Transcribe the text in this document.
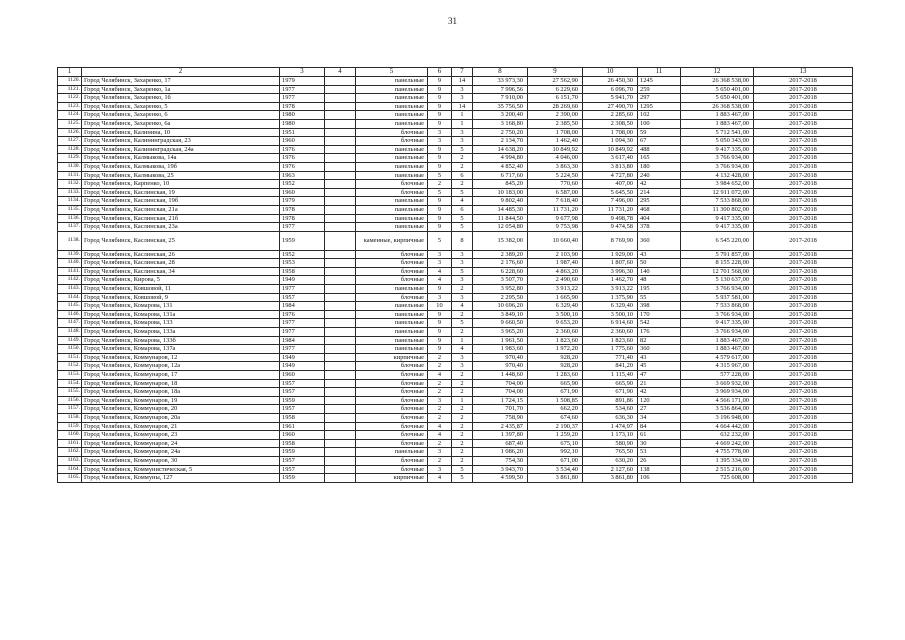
31
1	2	3	4	5	6	7	8	9	10	11	12	13
1120.	Город Челябинск, Захаренко, 17	1979		панельные	9	14	33 973,30	27 562,90	26 450,30	1245	26 368 538,00	2017-2018
1121.	Город Челябинск, Захаренко, 1а	1977		панельные	9	3	7 996,56	6 229,60	6 096,70	259	5 650 401,00	2017-2018
1122.	Город Челябинск, Захаренко, 1б	1977		панельные	9	3	7 910,00	6 151,70	5 941,70	297	5 650 401,00	2017-2018
1123.	Город Челябинск, Захаренко, 5	1978		панельные	9	14	35 756,50	28 269,60	27 490,70	1295	26 368 538,00	2017-2018
1124.	Город Челябинск, Захаренко, 6	1980		панельные	9	1	3 200,40	2 390,00	2 285,60	102	1 883 467,00	2017-2018
1125.	Город Челябинск, Захаренко, 6а	1980		панельные	9	1	3 168,80	2 385,50	2 308,50	100	1 883 467,00	2017-2018
1126.	Город Челябинск, Калинина, 10	1951		блочные	3	3	2 750,20	1 708,00	1 708,00	59	5 712 541,00	2017-2018
1127.	Город Челябинск, Калининградская, 23	1960		блочные	3	3	2 134,70	1 462,40	1 094,30	67	5 050 343,00	2017-2018
1128.	Город Челябинск, Калининградская, 24а	1976		панельные	9	5	14 638,20	10 849,92	10 849,92	488	9 417 335,00	2017-2018
1129.	Город Челябинск, Калмыкова, 14а	1976		панельные	9	2	4 994,80	4 046,00	3 617,40	165	3 766 934,00	2017-2018
1130.	Город Челябинск, Калмыкова, 19б	1976		панельные	9	2	4 852,40	3 863,30	3 813,80	180	3 766 934,00	2017-2018
1131.	Город Челябинск, Калмыкова, 25	1963		панельные	5	6	6 717,60	5 224,50	4 727,80	240	4 132 428,00	2017-2018
1132.	Город Челябинск, Карпенко, 10	1952		блочные	2	2	845,20	770,60	407,00	42	3 984 652,00	2017-2018
1133.	Город Челябинск, Каслинская, 19	1960		блочные	5	5	10 183,00	6 587,00	5 645,50	214	12 911 072,00	2017-2018
1134.	Город Челябинск, Каслинская, 19б	1979		панельные	9	4	9 802,40	7 618,40	7 496,00	295	7 533 868,00	2017-2018
1135.	Город Челябинск, Каслинская, 21а	1978		панельные	9	6	14 485,30	11 731,20	11 731,20	468	11 300 802,00	2017-2018
1136.	Город Челябинск, Каслинская, 21б	1978		панельные	9	5	11 844,50	9 677,98	9 498,78	404	9 417 335,00	2017-2018
1137.	Город Челябинск, Каслинская, 23а	1977		панельные	9	5	12 054,80	9 753,98	9 474,58	378	9 417 335,00	2017-2018
1138.	Город Челябинск, Каслинская, 25	1959		каменные, кирпичные	5	8	15 382,00	10 660,40	8 769,90	360	6 545 220,00	2017-2018
1139.	Город Челябинск, Каслинская, 26	1952		блочные	3	3	2 389,20	2 103,90	1 929,00	43	5 791 857,00	2017-2018
1140.	Город Челябинск, Каслинская, 28	1953		блочные	3	3	2 176,60	1 987,40	1 807,60	50	8 155 228,00	2017-2018
1141.	Город Челябинск, Каслинская, 34	1958		блочные	4	5	6 228,60	4 863,20	3 996,30	140	12 701 568,00	2017-2018
1142.	Город Челябинск, Кирова, 5	1949		блочные	4	3	3 507,70	2 490,60	1 462,70	48	5 130 637,00	2017-2018
1143.	Город Челябинск, Ковшовой, 11	1977		панельные	9	2	3 952,80	3 913,22	3 913,22	195	3 766 934,00	2017-2018
1144.	Город Челябинск, Ковшовой, 9	1957		блочные	3	3	2 295,50	1 665,90	1 375,90	55	5 937 581,00	2017-2018
1145.	Город Челябинск, Комарова, 131	1984		панельные	10	4	10 696,20	6 329,40	6 329,40	398	7 533 868,00	2017-2018
1146.	Город Челябинск, Комарова, 131а	1976		панельные	9	2	3 849,10	3 500,10	3 500,10	170	3 766 934,00	2017-2018
1147.	Город Челябинск, Комарова, 133	1977		панельные	9	5	9 660,50	9 653,20	6 914,60	542	9 417 335,00	2017-2018
1148.	Город Челябинск, Комарова, 133а	1977		панельные	9	2	3 965,20	2 360,60	2 360,60	176	3 766 934,00	2017-2018
1149.	Город Челябинск, Комарова, 133б	1984		панельные	9	1	1 961,50	1 823,60	1 823,60	82	1 883 467,00	2017-2018
1150.	Город Челябинск, Комарова, 137а	1977		панельные	9	4	1 983,60	1 972,20	1 775,60	360	1 883 467,00	2017-2018
1151.	Город Челябинск, Коммунаров, 12	1949		кирпичные	2	3	970,40	928,20	771,40	43	4 579 617,00	2017-2018
1152.	Город Челябинск, Коммунаров, 12а	1949		блочные	2	3	970,40	928,20	841,20	45	4 315 967,00	2017-2018
1153.	Город Челябинск, Коммунаров, 17	1960		блочные	4	2	1 448,60	1 283,60	1 115,40	47	577 228,00	2017-2018
1154.	Город Челябинск, Коммунаров, 18	1957		блочные	2	2	704,00	665,90	665,90	21	3 669 932,00	2017-2018
1155.	Город Челябинск, Коммунаров, 18а	1957		блочные	2	2	704,00	671,90	671,90	42	3 969 934,00	2017-2018
1156.	Город Челябинск, Коммунаров, 19	1959		блочные	3	1	1 724,15	1 508,85	891,86	120	4 566 171,00	2017-2018
1157.	Город Челябинск, Коммунаров, 20	1957		блочные	2	2	701,70	662,20	534,60	27	3 536 864,00	2017-2018
1158.	Город Челябинск, Коммунаров, 20а	1958		блочные	2	2	758,90	674,60	636,30	34	3 196 948,00	2017-2018
1159.	Город Челябинск, Коммунаров, 21	1961		блочные	4	2	2 435,87	2 190,37	1 474,97	84	4 664 442,00	2017-2018
1160.	Город Челябинск, Коммунаров, 23	1960		блочные	4	2	1 397,80	1 259,20	1 173,10	61	632 232,00	2017-2018
1161.	Город Челябинск, Коммунаров, 24	1958		блочные	2	2	687,40	675,10	580,90	30	4 669 242,00	2017-2018
1162.	Город Челябинск, Коммунаров, 24а	1959		панельные	3	2	1 086,20	992,10	765,50	53	4 755 778,00	2017-2018
1163.	Город Челябинск, Коммунаров, 30	1957		блочные	2	2	754,30	671,00	630,20	26	1 395 334,00	2017-2018
1164.	Город Челябинск, Коммунистическая, 5	1957		блочные	3	5	3 943,70	3 534,40	2 127,60	138	2 515 216,00	2017-2018
1165.	Город Челябинск, Коммуны, 127	1959		кирпичные	4	5	4 599,50	3 861,80	3 861,80	106	725 608,00	2017-2018
